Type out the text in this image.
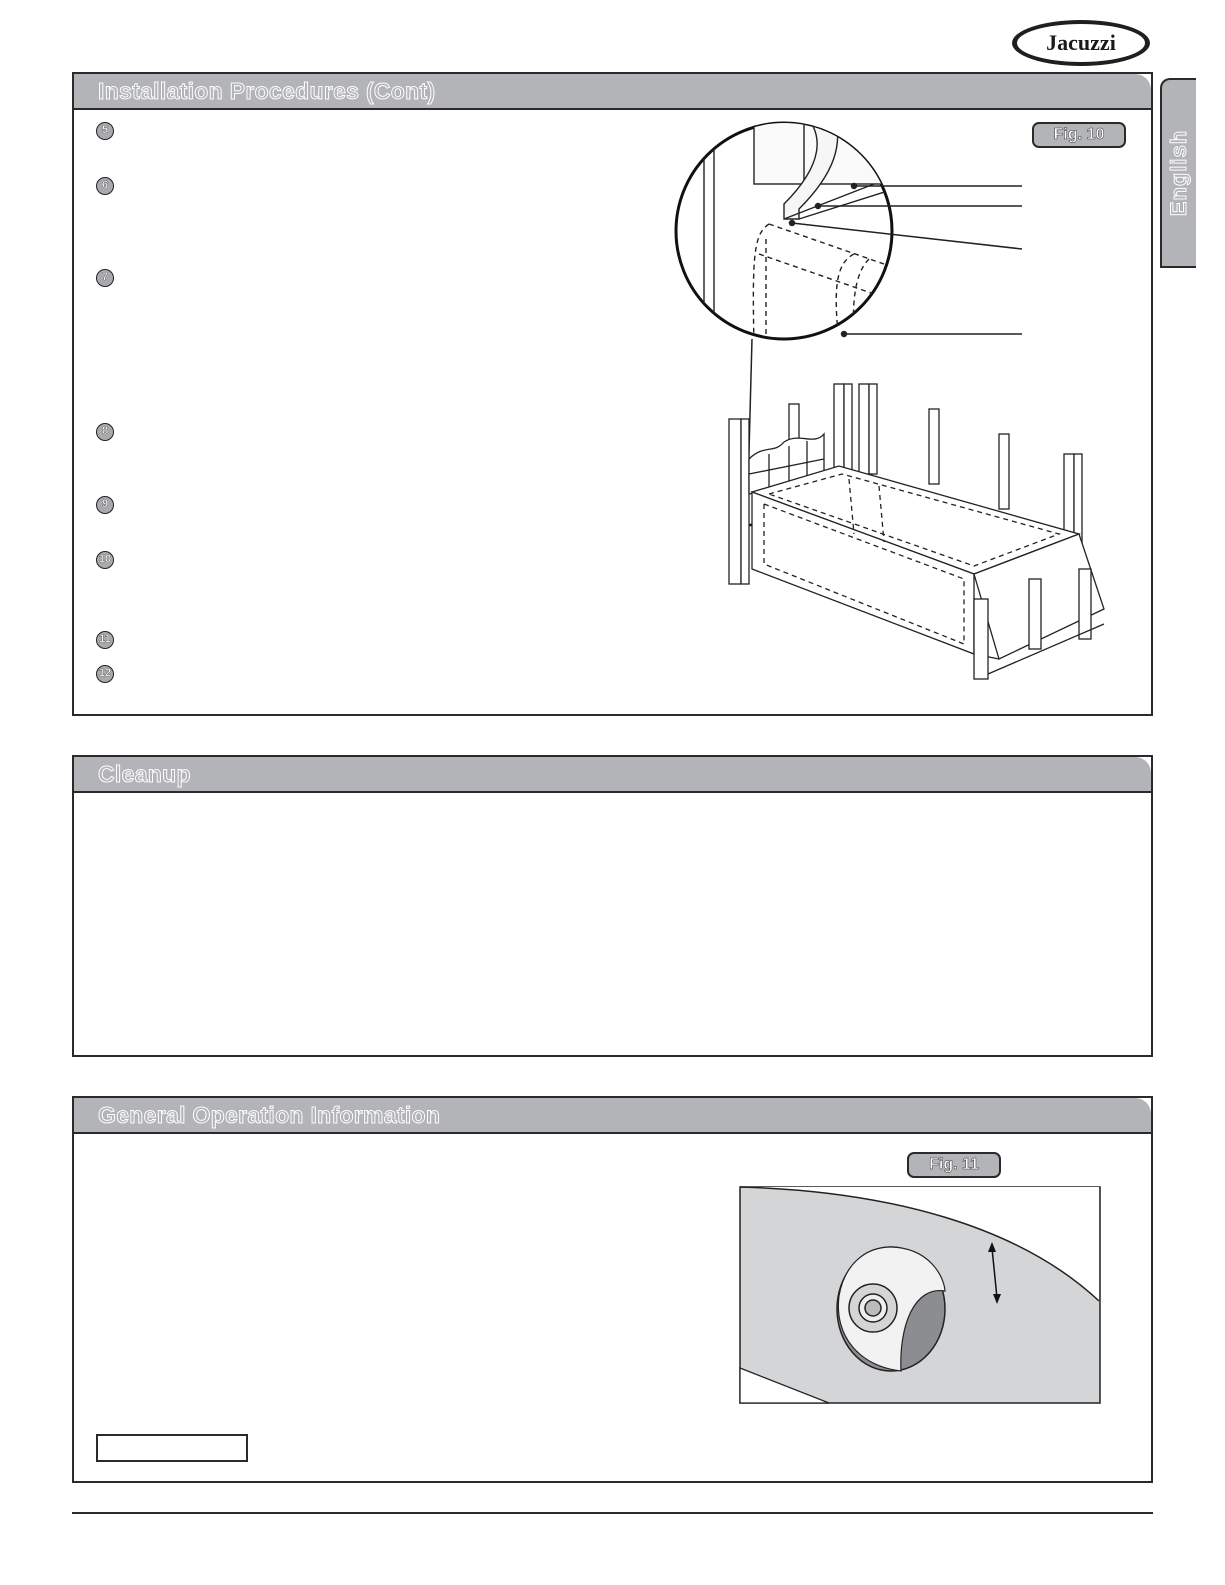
Jacuzzi
English
Installation Procedures (Cont)
5
6
7
8
9
10
11
12
Fig. 10
Cleanup
General Operation Information
Fig. 11
